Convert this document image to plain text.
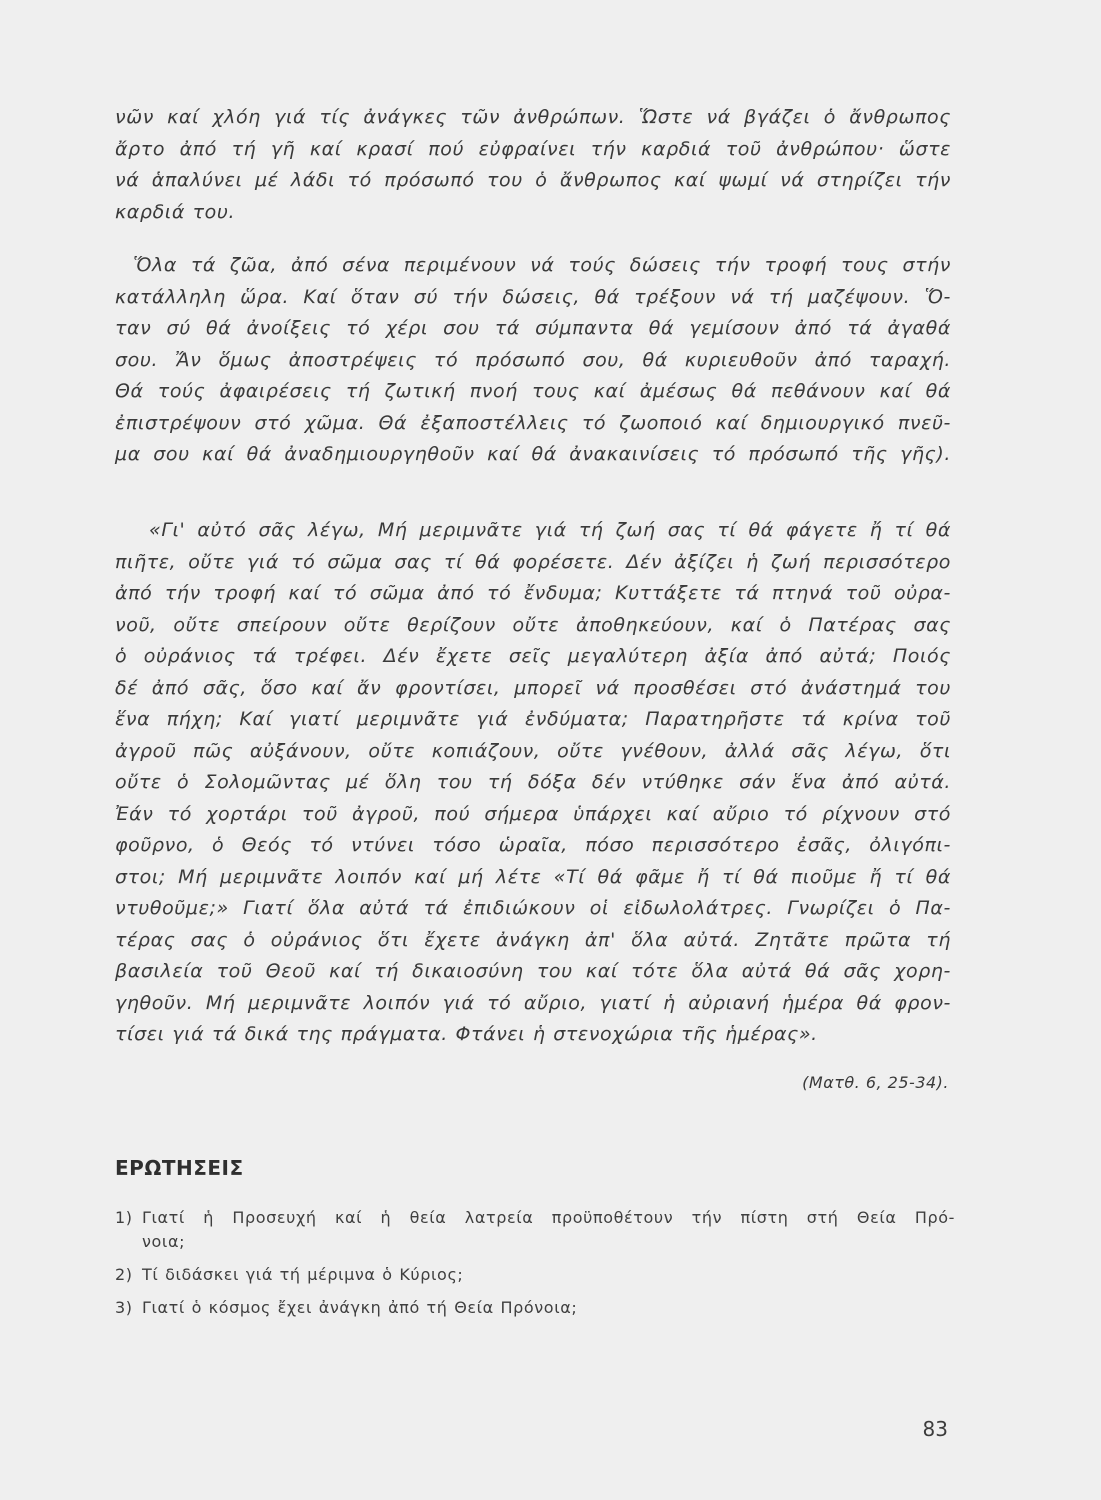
νῶν καί χλόη γιά τίς ἀνάγκες τῶν ἀνθρώπων. Ὥστε νά βγάζει ὁ ἄνθρωπος
ἄρτο ἀπό τή γῆ καί κρασί πού εὐφραίνει τήν καρδιά τοῦ ἀνθρώπου· ὥστε
νά ἁπαλύνει μέ λάδι τό πρόσωπό του ὁ ἄνθρωπος καί ψωμί νά στηρίζει τήν
καρδιά του.
Ὅλα τά ζῶα, ἀπό σένα περιμένουν νά τούς δώσεις τήν τροφή τους στήν
κατάλληλη ὥρα. Καί ὅταν σύ τήν δώσεις, θά τρέξουν νά τή μαζέψουν. Ὅ-
ταν σύ θά ἀνοίξεις τό χέρι σου τά σύμπαντα θά γεμίσουν ἀπό τά ἀγαθά
σου. Ἄν ὅμως ἀποστρέψεις τό πρόσωπό σου, θά κυριευθοῦν ἀπό ταραχή.
Θά τούς ἀφαιρέσεις τή ζωτική πνοή τους καί ἀμέσως θά πεθάνουν καί θά
ἐπιστρέψουν στό χῶμα. Θά ἐξαποστέλλεις τό ζωοποιό καί δημιουργικό πνεῦ-
μα σου καί θά ἀναδημιουργηθοῦν καί θά ἀνακαινίσεις τό πρόσωπό τῆς γῆς).
«Γι' αὐτό σᾶς λέγω, Μή μεριμνᾶτε γιά τή ζωή σας τί θά φάγετε ἤ τί θά
πιῆτε, οὔτε γιά τό σῶμα σας τί θά φορέσετε. Δέν ἀξίζει ἡ ζωή περισσότερο
ἀπό τήν τροφή καί τό σῶμα ἀπό τό ἔνδυμα; Κυττάξετε τά πτηνά τοῦ οὐρα-
νοῦ, οὔτε σπείρουν οὔτε θερίζουν οὔτε ἀποθηκεύουν, καί ὁ Πατέρας σας
ὁ οὐράνιος τά τρέφει. Δέν ἔχετε σεῖς μεγαλύτερη ἀξία ἀπό αὐτά; Ποιός
δέ ἀπό σᾶς, ὅσο καί ἄν φροντίσει, μπορεῖ νά προσθέσει στό ἀνάστημά του
ἕνα πήχη; Καί γιατί μεριμνᾶτε γιά ἐνδύματα; Παρατηρῆστε τά κρίνα τοῦ
ἀγροῦ πῶς αὐξάνουν, οὔτε κοπιάζουν, οὔτε γνέθουν, ἀλλά σᾶς λέγω, ὅτι
οὔτε ὁ Σολομῶντας μέ ὅλη του τή δόξα δέν ντύθηκε σάν ἕνα ἀπό αὐτά.
Ἐάν τό χορτάρι τοῦ ἀγροῦ, πού σήμερα ὑπάρχει καί αὔριο τό ρίχνουν στό
φοῦρνο, ὁ Θεός τό ντύνει τόσο ὡραῖα, πόσο περισσότερο ἐσᾶς, ὀλιγόπι-
στοι; Μή μεριμνᾶτε λοιπόν καί μή λέτε «Τί θά φᾶμε ἤ τί θά πιοῦμε ἤ τί θά
ντυθοῦμε;» Γιατί ὅλα αὐτά τά ἐπιδιώκουν οἱ εἰδωλολάτρες. Γνωρίζει ὁ Πα-
τέρας σας ὁ οὐράνιος ὅτι ἔχετε ἀνάγκη ἀπ' ὅλα αὐτά. Ζητᾶτε πρῶτα τή
βασιλεία τοῦ Θεοῦ καί τή δικαιοσύνη του καί τότε ὅλα αὐτά θά σᾶς χορη-
γηθοῦν. Μή μεριμνᾶτε λοιπόν γιά τό αὔριο, γιατί ἡ αὐριανή ἡμέρα θά φρον-
τίσει γιά τά δικά της πράγματα. Φτάνει ἡ στενοχώρια τῆς ἡμέρας».
(Ματθ. 6, 25-34).
ΕΡΩΤΗΣΕΙΣ
1) Γιατί ἡ Προσευχή καί ἡ θεία λατρεία προϋποθέτουν τήν πίστη στή Θεία Πρό-
νοια;
2) Τί διδάσκει γιά τή μέριμνα ὁ Κύριος;
3) Γιατί ὁ κόσμος ἔχει ἀνάγκη ἀπό τή Θεία Πρόνοια;
83
